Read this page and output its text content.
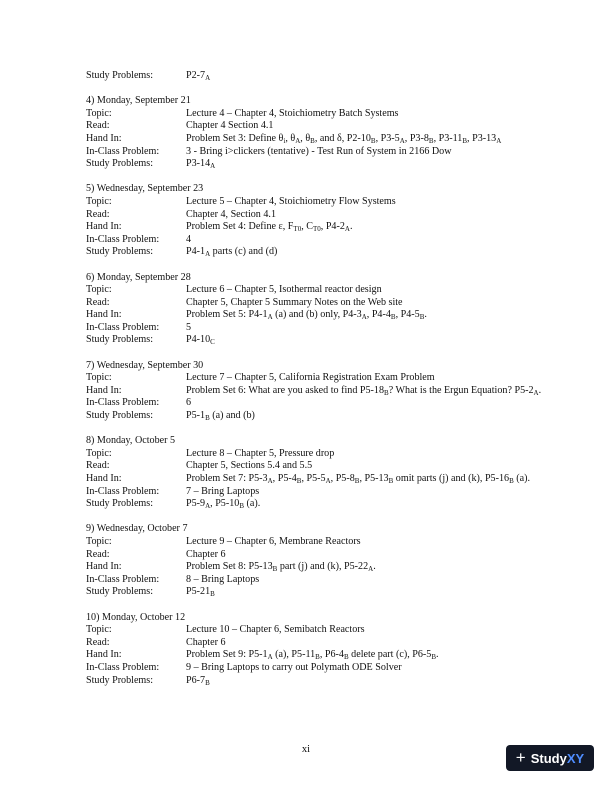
Study Problems:	$P2-7_A$
4) Monday, September 21
Topic:	Lecture 4 – Chapter 4, Stoichiometry Batch Systems
Read:	Chapter 4 Section 4.1
Hand In:	Problem Set 3: Define $\theta_i$, $\theta_A$, $\theta_B$, and δ, $P2-10_B$, $P3-5_A$, $P3-8_B$, $P3-11_B$, $P3-13_A$
In-Class Problem:	3 - Bring i>clickers (tentative) - Test Run of System in 2166 Dow
Study Problems:	$P3-14_A$
5) Wednesday, September 23
Topic:	Lecture 5 – Chapter 4, Stoichiometry Flow Systems
Read:	Chapter 4, Section 4.1
Hand In:	Problem Set 4: Define ε, $F_{T0}$, $C_{T0}$, $P4-2_A$.
In-Class Problem:	4
Study Problems:	$P4-1_A$ parts (c) and (d)
6) Monday, September 28
Topic:	Lecture 6 – Chapter 5, Isothermal reactor design
Read:	Chapter 5, Chapter 5 Summary Notes on the Web site
Hand In:	Problem Set 5: $P4-1_A$ (a) and (b) only, $P4-3_A$, $P4-4_B$, $P4-5_B$.
In-Class Problem:	5
Study Problems:	$P4-10_C$
7) Wednesday, September 30
Topic:	Lecture 7 – Chapter 5, California Registration Exam Problem
Hand In:	Problem Set 6: What are you asked to find $P5-18_B$? What is the Ergun Equation? $P5-2_A$.
In-Class Problem:	6
Study Problems:	$P5-1_B$ (a) and (b)
8) Monday, October 5
Topic:	Lecture 8 – Chapter 5, Pressure drop
Read:	Chapter 5, Sections 5.4 and 5.5
Hand In:	Problem Set 7: $P5-3_A$, $P5-4_B$, $P5-5_A$, $P5-8_B$, $P5-13_B$ omit parts (j) and (k), $P5-16_B$ (a).
In-Class Problem:	7 – Bring Laptops
Study Problems:	$P5-9_A$, $P5-10_B$ (a).
9) Wednesday, October 7
Topic:	Lecture 9 – Chapter 6, Membrane Reactors
Read:	Chapter 6
Hand In:	Problem Set 8: $P5-13_B$ part (j) and (k), $P5-22_A$.
In-Class Problem:	8 – Bring Laptops
Study Problems:	$P5-21_B$
10) Monday, October 12
Topic:	Lecture 10 – Chapter 6, Semibatch Reactors
Read:	Chapter 6
Hand In:	Problem Set 9: $P5-1_A$ (a), $P5-11_B$, $P6-4_B$ delete part (c), $P6-5_B$.
In-Class Problem:	9 – Bring Laptops to carry out Polymath ODE Solver
Study Problems:	$P6-7_B$
xi	+ Study XY
